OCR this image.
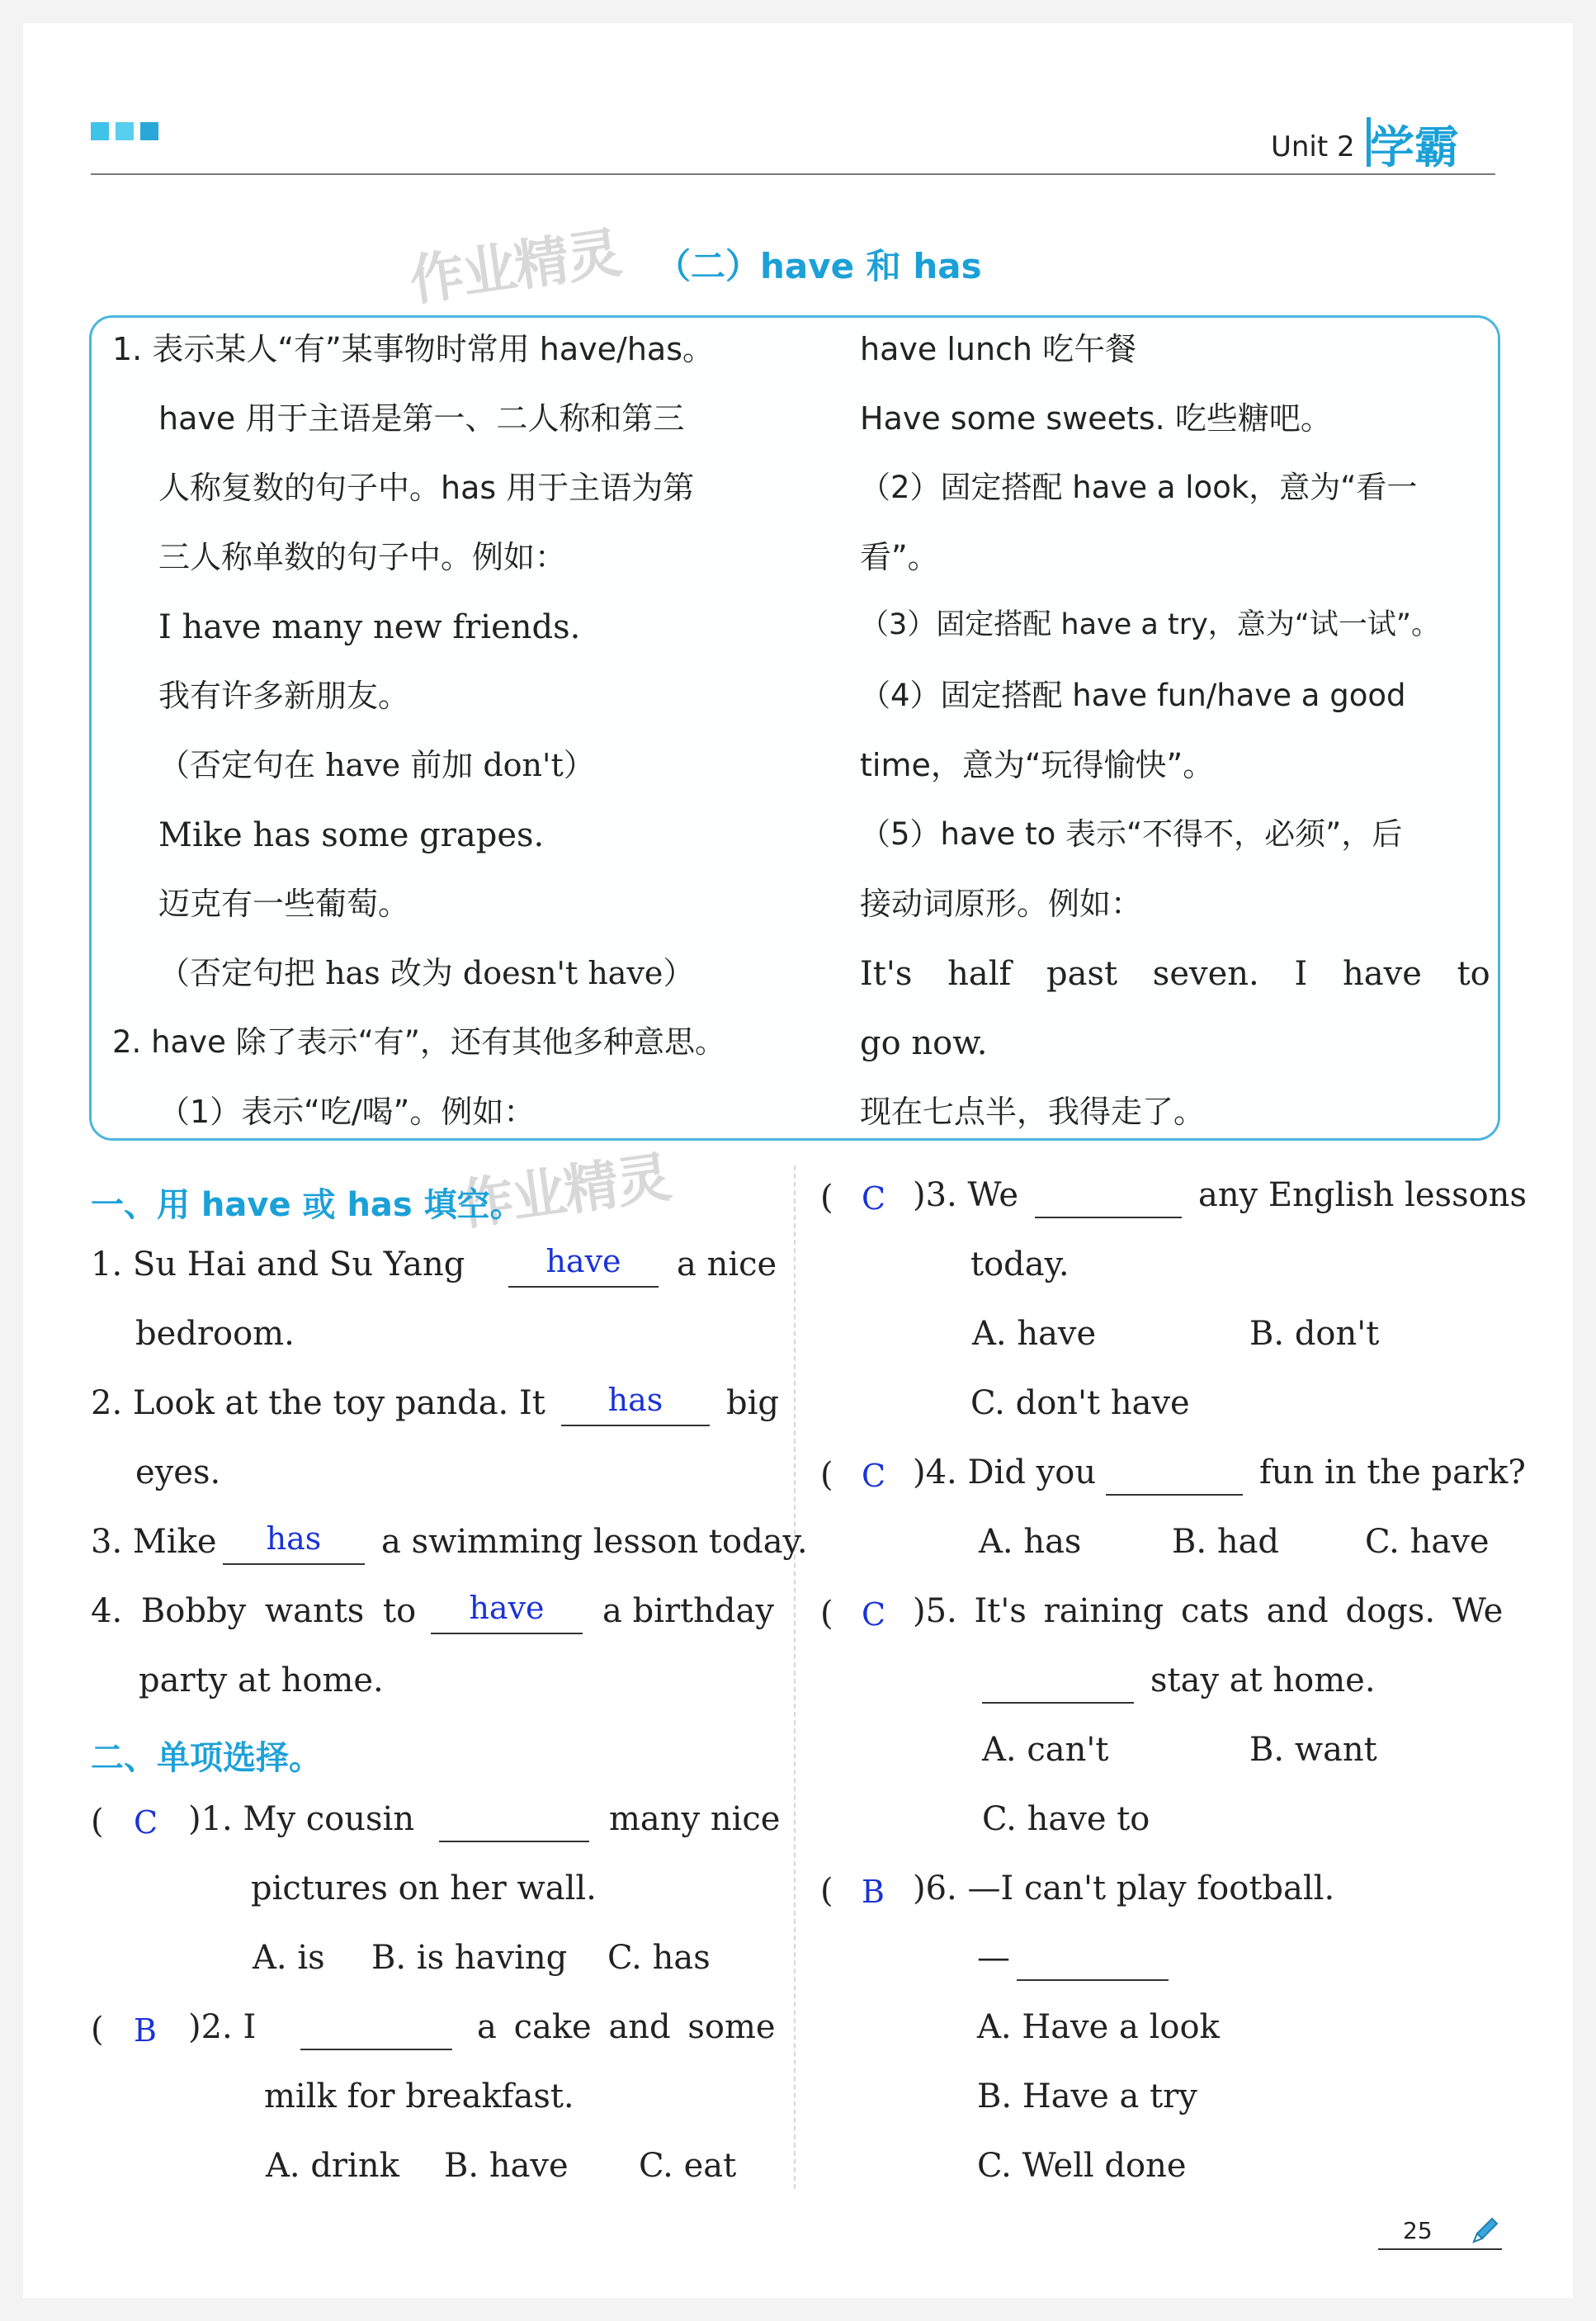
Unit 2 学霸
作业精灵 （二）have 和 has
1. 表示某人“有”某事物时常用 have/has。
have 用于主语是第一、二人称和第三
人称复数的句子中。has 用于主语为第
三人称单数的句子中。例如：
I have many new friends.
我有许多新朋友。
（否定句在 have 前加 don't）
Mike has some grapes.
迈克有一些葡萄。
（否定句把 has 改为 doesn't have）
2. have 除了表示“有”，还有其他多种意思。
（1）表示“吃/喝”。例如：
have lunch 吃午餐
Have some sweets. 吃些糖吧。
（2）固定搭配 have a look，意为“看一
看”。
（3）固定搭配 have a try，意为“试一试”。
（4）固定搭配 have fun/have a good
time，意为“玩得愉快”。
（5）have to 表示“不得不，必须”，后
接动词原形。例如：
It's half past seven. I have to
go now.
现在七点半，我得走了。
作业精灵
一、用 have 或 has 填空。
1. Su Hai and Su Yang	have	a nice
bedroom.
2. Look at the toy panda. It	has	big
eyes.
3. Mike	has	a swimming lesson today.
4. Bobby wants to	have	a birthday
party at home.
二、单项选择。
( C )1. My cousin	many nice
pictures on her wall.
A. is B. is having C. has
( B )2. I	a cake and some
milk for breakfast.
A. drink B. have C. eat
( C )3. We	any English lessons
today.
A. have	B. don't
C. don't have
( C )4. Did you	fun in the park?
A. has	B. had	C. have
( C )5. It's raining cats and dogs. We
stay at home.
A. can't	B. want
C. have to
( B )6. —I can't play football.
—
A. Have a look
B. Have a try
C. Well done
25
